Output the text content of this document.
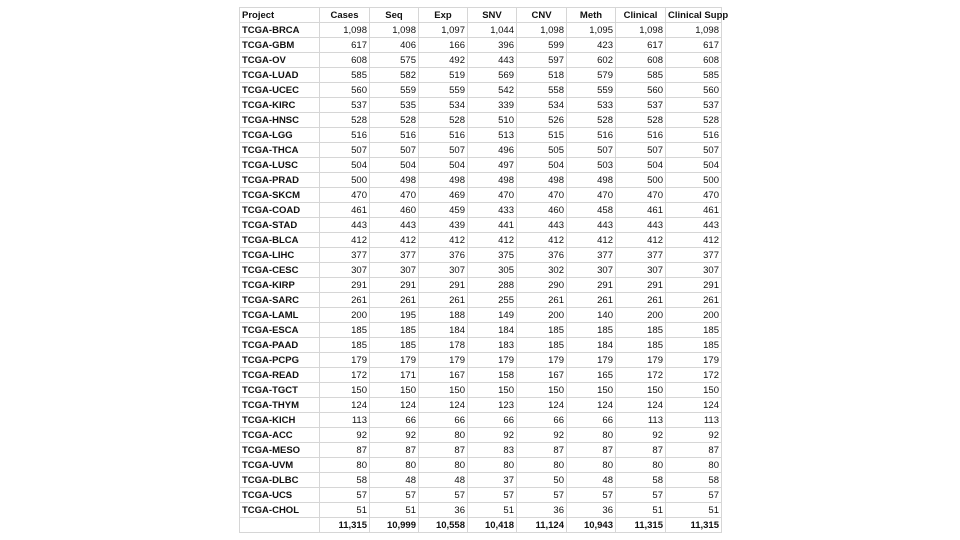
Project	Cases	Seq	Exp	SNV	CNV	Meth	Clinical	Clinical Supp
TCGA-BRCA	1,098	1,098	1,097	1,044	1,098	1,095	1,098	1,098
TCGA-GBM	617	406	166	396	599	423	617	617
TCGA-OV	608	575	492	443	597	602	608	608
TCGA-LUAD	585	582	519	569	518	579	585	585
TCGA-UCEC	560	559	559	542	558	559	560	560
TCGA-KIRC	537	535	534	339	534	533	537	537
TCGA-HNSC	528	528	528	510	526	528	528	528
TCGA-LGG	516	516	516	513	515	516	516	516
TCGA-THCA	507	507	507	496	505	507	507	507
TCGA-LUSC	504	504	504	497	504	503	504	504
TCGA-PRAD	500	498	498	498	498	498	500	500
TCGA-SKCM	470	470	469	470	470	470	470	470
TCGA-COAD	461	460	459	433	460	458	461	461
TCGA-STAD	443	443	439	441	443	443	443	443
TCGA-BLCA	412	412	412	412	412	412	412	412
TCGA-LIHC	377	377	376	375	376	377	377	377
TCGA-CESC	307	307	307	305	302	307	307	307
TCGA-KIRP	291	291	291	288	290	291	291	291
TCGA-SARC	261	261	261	255	261	261	261	261
TCGA-LAML	200	195	188	149	200	140	200	200
TCGA-ESCA	185	185	184	184	185	185	185	185
TCGA-PAAD	185	185	178	183	185	184	185	185
TCGA-PCPG	179	179	179	179	179	179	179	179
TCGA-READ	172	171	167	158	167	165	172	172
TCGA-TGCT	150	150	150	150	150	150	150	150
TCGA-THYM	124	124	124	123	124	124	124	124
TCGA-KICH	113	66	66	66	66	66	113	113
TCGA-ACC	92	92	80	92	92	80	92	92
TCGA-MESO	87	87	87	83	87	87	87	87
TCGA-UVM	80	80	80	80	80	80	80	80
TCGA-DLBC	58	48	48	37	50	48	58	58
TCGA-UCS	57	57	57	57	57	57	57	57
TCGA-CHOL	51	51	36	51	36	36	51	51
	11,315	10,999	10,558	10,418	11,124	10,943	11,315	11,315
